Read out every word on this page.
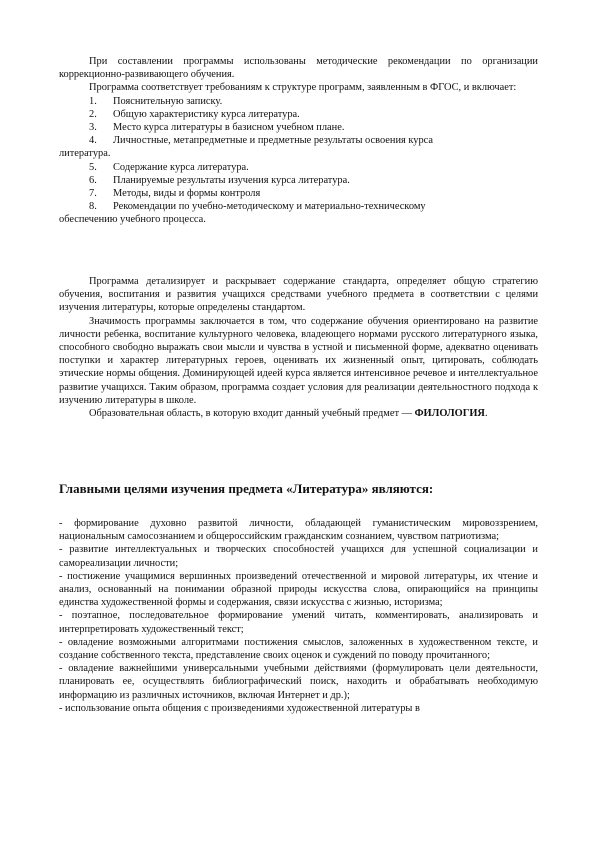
При составлении программы использованы методические рекомендации по организации коррекционно-развивающего обучения.

Программа соответствует требованиям к структуре программ, заявленным в ФГОС, и включает:

1. Пояснительную записку.
2. Общую характеристику курса литература.
3. Место курса литературы в базисном учебном плане.
4. Личностные, метапредметные и предметные результаты освоения курса
литература.
5. Содержание курса литература.
6. Планируемые результаты изучения курса литература.
7. Методы, виды и формы контроля
8. Рекомендации по учебно-методическому и материально-техническому
обеспечению учебного процесса.

Программа детализирует и раскрывает содержание стандарта, определяет общую стратегию обучения, воспитания и развития учащихся средствами учебного предмета в соответствии с целями изучения литературы, которые определены стандартом.

Значимость программы заключается в том, что содержание обучения ориентировано на развитие личности ребенка, воспитание культурного человека, владеющего нормами русского литературного языка, способного свободно выражать свои мысли и чувства в устной и письменной форме, адекватно оценивать поступки и характер литературных героев, оценивать их жизненный опыт, цитировать, соблюдать этические нормы общения. Доминирующей идеей курса является интенсивное речевое и интеллектуальное развитие учащихся. Таким образом, программа создает условия для реализации деятельностного подхода к изучению литературы в школе.

Образовательная область, в которую входит данный учебный предмет — ФИЛОЛОГИЯ.

Главными целями изучения предмета «Литература» являются:

- формирование духовно развитой личности, обладающей гуманистическим мировоззрением, национальным самосознанием и общероссийским гражданским сознанием, чувством патриотизма;

- развитие интеллектуальных и творческих способностей учащихся для успешной социализации и самореализации личности;

- постижение учащимися вершинных произведений отечественной и мировой литературы, их чтение и анализ, основанный на понимании образной природы искусства слова, опирающийся на принципы единства художественной формы и содержания, связи искусства с жизнью, историзма;

- поэтапное, последовательное формирование умений читать, комментировать, анализировать и интерпретировать художественный текст;

- овладение возможными алгоритмами постижения смыслов, заложенных в художественном тексте, и создание собственного текста, представление своих оценок и суждений по поводу прочитанного;

- овладение важнейшими универсальными учебными действиями (формулировать цели деятельности, планировать ее, осуществлять библиографический поиск, находить и обрабатывать необходимую информацию из различных источников, включая Интернет и др.);

- использование опыта общения с произведениями художественной литературы в
